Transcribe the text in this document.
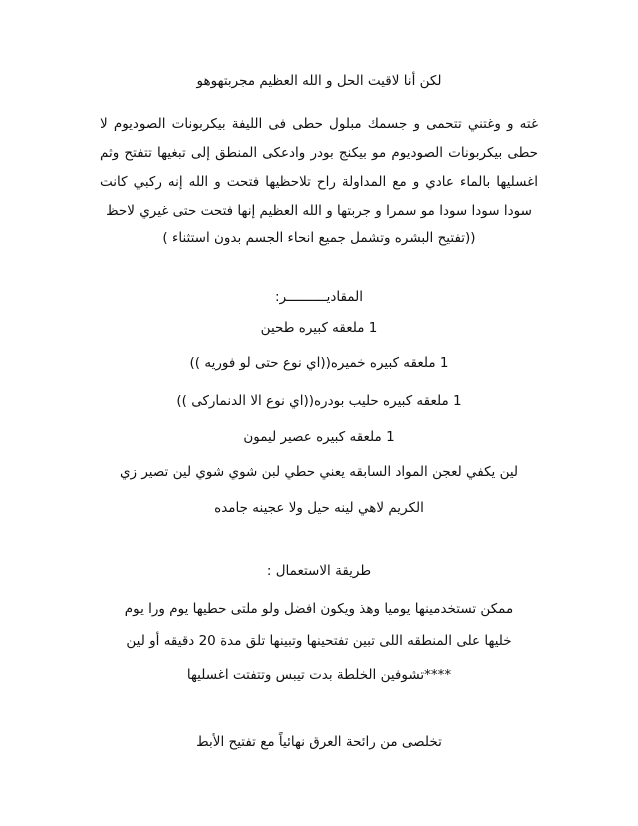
لكن أنا لاقيت الحل و الله العظيم مجربتهوهو
غته و وغتني تتحمى و جسمك مبلول حطى فى الليفة بيكربونات الصوديوم لا حطى بيكربونات الصوديوم مو بيكنج بودر وادعكى المنطق إلى تبغيها تتفتح وثم اغسليها بالماء عادي و مع المداولة راح تلاحظيها فتحت و الله إنه ركبي كانت سودا سودا سودا مو سمرا و جربتها و الله العظيم إنها فتحت حتى غيري لاحظ
((تفتيح البشره وتشمل جميع انحاء الجسم بدون استثناء )
المقاديــــــــــر:
1 ملعقه كبيره طحين
1 ملعقه كبيره خميره((اي نوع حتى لو فوريه ))
1 ملعقه كبيره حليب بودره((اي نوع الا الدنماركى ))
1 ملعقه كبيره عصير ليمون
لين يكفي لعجن المواد السابقه يعني حطي لبن شوي شوي لين تصير زي
الكريم لاهي لينه حيل ولا عجينه جامده
طريقة الاستعمال :
ممكن تستخدمينها يوميا وهذ ويكون افضل ولو ملتى حطيها يوم ورا يوم
خليها على المنطقه اللى تبين تفتحينها وتبينها تلق مدة 20 دقيقه أو لين
****تشوفين الخلطة بدت تيبس وتتفتت اغسليها
تخلصى من رائحة العرق نهائياً مع تفتيح الأبط
